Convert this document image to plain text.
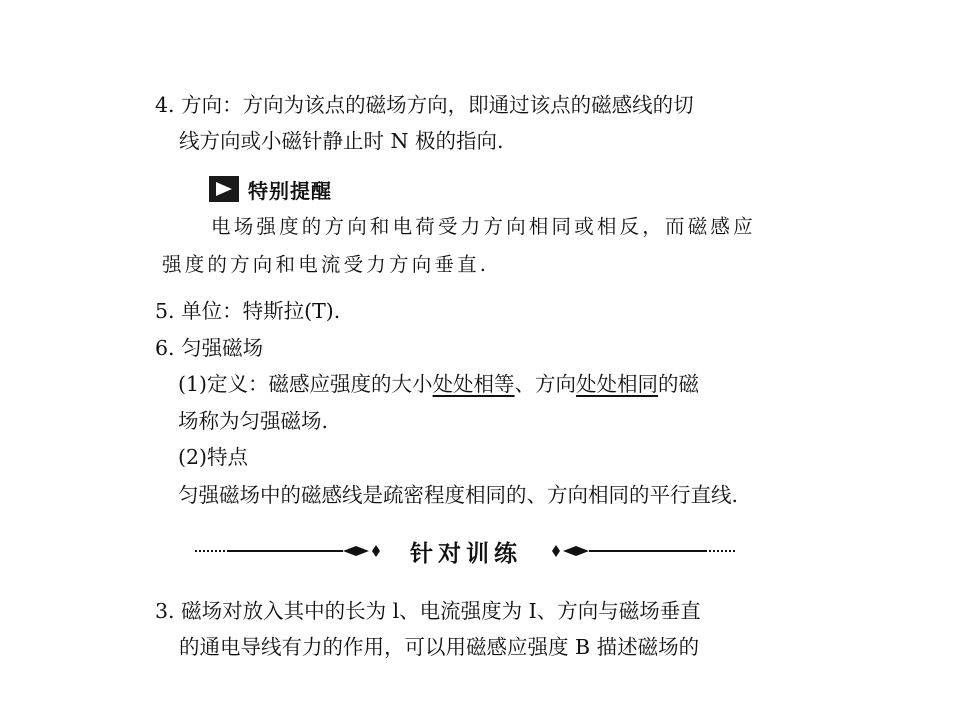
4. 方向：方向为该点的磁场方向，即通过该点的磁感线的切
线方向或小磁针静止时 N 极的指向.
特别提醒
电场强度的方向和电荷受力方向相同或相反，而磁感应
强度的方向和电流受力方向垂直.
5. 单位：特斯拉(T).
6. 匀强磁场
(1)定义：磁感应强度的大小处处相等、方向处处相同的磁
场称为匀强磁场.
(2)特点
匀强磁场中的磁感线是疏密程度相同的、方向相同的平行直线.
针对训练
3. 磁场对放入其中的长为 l、电流强度为 I、方向与磁场垂直
的通电导线有力的作用，可以用磁感应强度 B 描述磁场的
